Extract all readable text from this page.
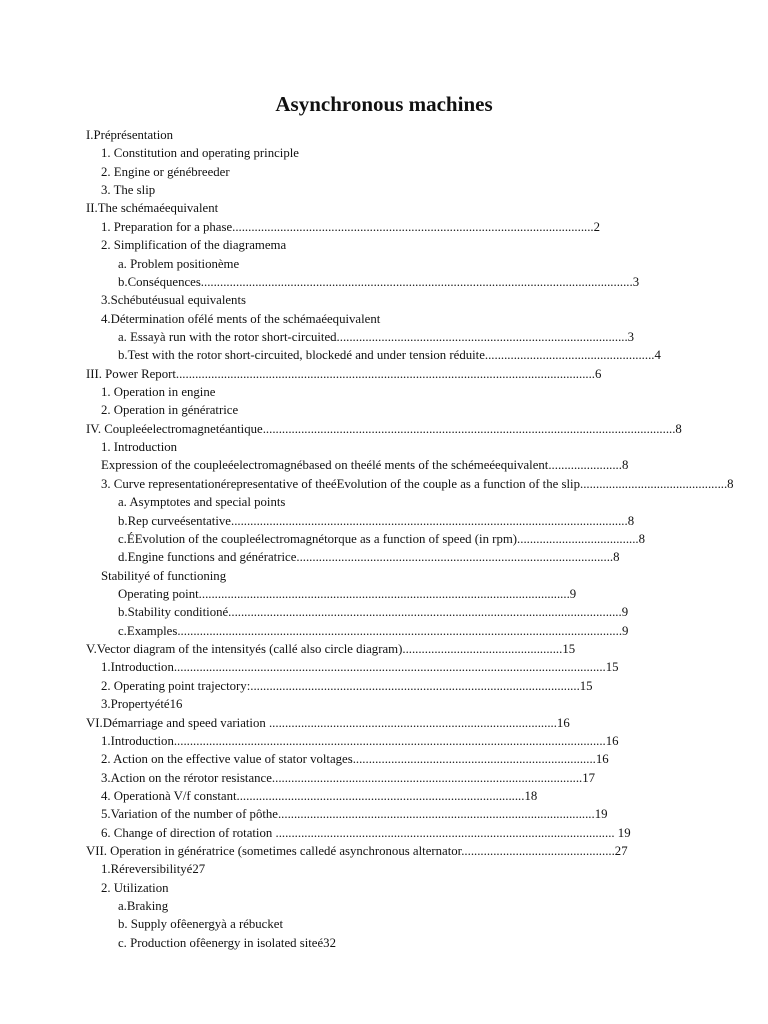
Asynchronous machines
I.Préprésentation
1. Constitution and operating principle
2. Engine or génébreeder
3. The slip
II.The schémaéequivalent
1. Preparation for a phase.................................................................................................................2
2. Simplification of the diagramema
a. Problem positionème
b.Conséquences.......................................................................................................................................3
3.Schébutéusual equivalents
4.Détermination ofélé ments of the schémaéequivalent
a. Essayà run with the rotor short-circuited...........................................................................................3
b.Test with the rotor short-circuited, blockedé and under tension réduite.....................................................4
III. Power Report...................................................................................................................................6
1. Operation in engine
2. Operation in génératrice
IV. Coupleéelectromagnetéantique.................................................................................................................................8
1. Introduction
Expression of the coupleéelectromagnébased on theélé ments of the schémeéequivalent.......................8
3. Curve representationérepresentative of theéEvolution of the couple as a function of the slip..............................................8
a. Asymptotes and special points
b.Rep curveésentative............................................................................................................................8
c.ÉEvolution of the coupleélectromagnétorque as a function of speed (in rpm)......................................8
d.Engine functions and génératrice...................................................................................................8
Stabilityé of functioning
Operating point....................................................................................................................9
b.Stability conditioné...........................................................................................................................9
c.Examples...........................................................................................................................................9
V.Vector diagram of the intensityés (callé also circle diagram)..................................................15
1.Introduction.......................................................................................................................................15
2. Operating point trajectory:.......................................................................................................15
3.Propertyété16
VI.Démarriage and speed variation ..........................................................................................16
1.Introduction.......................................................................................................................................16
2. Action on the effective value of stator voltages............................................................................16
3.Action on the rérotor resistance.................................................................................................17
4. Operationà V/f constant..........................................................................................18
5.Variation of the number of pôthe...................................................................................................19
6. Change of direction of rotation .......................................................................................................... 19
VII. Operation in génératrice (sometimes calledé asynchronous alternator................................................27
1.Réreversibilityé27
2. Utilization
a.Braking
b. Supply ofêenergyà a rébucket
c. Production ofêenergy in isolated siteé32
